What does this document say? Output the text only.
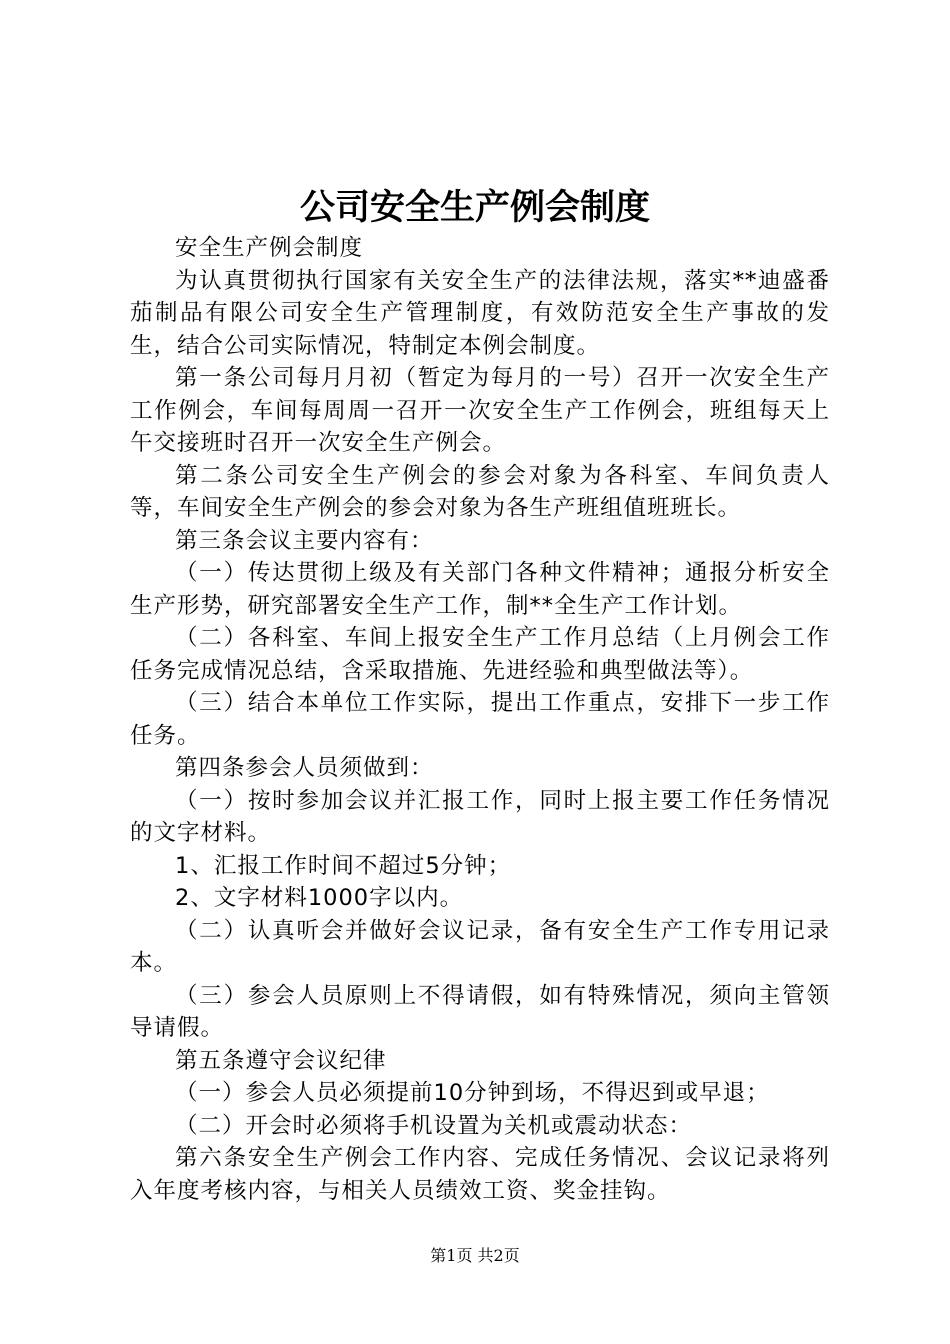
公司安全生产例会制度

安全生产例会制度

为认真贯彻执行国家有关安全生产的法律法规，落实**迪盛番茄制品有限公司安全生产管理制度，有效防范安全生产事故的发生，结合公司实际情况，特制定本例会制度。

第一条公司每月月初（暂定为每月的一号）召开一次安全生产工作例会，车间每周周一召开一次安全生产工作例会，班组每天上午交接班时召开一次安全生产例会。

第二条公司安全生产例会的参会对象为各科室、车间负责人等，车间安全生产例会的参会对象为各生产班组值班班长。

第三条会议主要内容有：

（一）传达贯彻上级及有关部门各种文件精神；通报分析安全生产形势，研究部署安全生产工作，制**全生产工作计划。

（二）各科室、车间上报安全生产工作月总结（上月例会工作任务完成情况总结，含采取措施、先进经验和典型做法等）。

（三）结合本单位工作实际，提出工作重点，安排下一步工作任务。

第四条参会人员须做到：

（一）按时参加会议并汇报工作，同时上报主要工作任务情况的文字材料。

1、汇报工作时间不超过5分钟；

2、文字材料1000字以内。

（二）认真听会并做好会议记录，备有安全生产工作专用记录本。

（三）参会人员原则上不得请假，如有特殊情况，须向主管领导请假。

第五条遵守会议纪律

（一）参会人员必须提前10分钟到场，不得迟到或早退；

（二）开会时必须将手机设置为关机或震动状态：

第六条安全生产例会工作内容、完成任务情况、会议记录将列入年度考核内容，与相关人员绩效工资、奖金挂钩。

第1页 共2页
